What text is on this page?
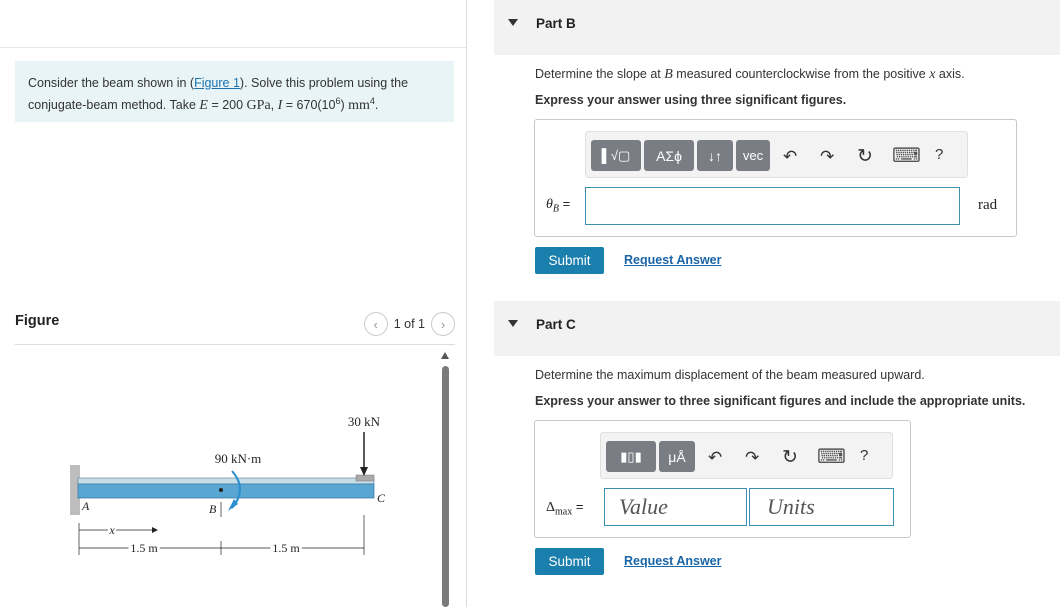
Consider the beam shown in (Figure 1). Solve this problem using the
conjugate-beam method. Take E = 200 GPa, $I = 670(10^6)$ $mm^4$.
Figure	‹ 1 of 1 ›
30 kN
90 kN·m
A	B
C
x
1.5 m	1.5 m
Part B
Determine the slope at B measured counterclockwise from the positive x axis.
Express your answer using three significant figures.
▌√▢ ΑΣϕ ↓↑ vec ↶ ↷ ↻ ⌨ ?
$\theta_B$ =	rad
Submit	Request Answer
Part C
Determine the maximum displacement of the beam measured upward.
Express your answer to three significant figures and include the appropriate units.
▮▯▮ μÅ ↶ ↷ ↻ ⌨ ?
$\Delta_{max}$ = Value	Units
Submit	Request Answer
